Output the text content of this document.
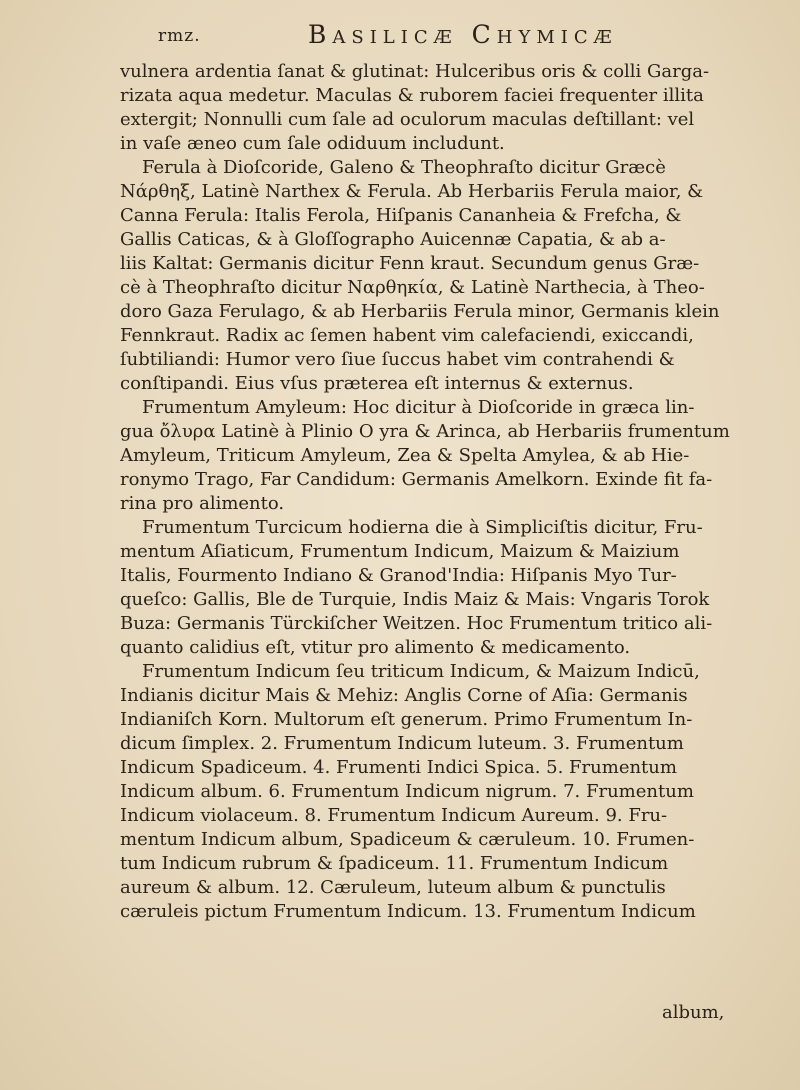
rmz.	Basilicæ Chymicæ

vulnera ardentia ſanat & glutinat: Hulceribus oris & colli Garga-

rizata aqua medetur. Maculas & ruborem faciei frequenter illita

extergit; Nonnulli cum ſale ad oculorum maculas deſtillant: vel

in vaſe æneo cum ſale odiduum includunt.

Ferula à Dioſcoride, Galeno & Theophraſto dicitur Græcè

Νάρθηξ, Latinè Narthex & Ferula. Ab Herbariis Ferula maior, &

Canna Ferula: Italis Ferola, Hiſpanis Cananheia & Frefcha, &

Gallis Caticas, & à Gloſſographo Auicennæ Capatia, & ab a-

liis Kaltat: Germanis dicitur Fenn kraut. Secundum genus Græ-

cè à Theophraſto dicitur Ναρθηκία, & Latinè Narthecia, à Theo-

doro Gaza Ferulago, & ab Herbariis Ferula minor, Germanis klein

Fennkraut. Radix ac ſemen habent vim calefaciendi, exiccandi,

ſubtiliandi: Humor vero ſiue ſuccus habet vim contrahendi &

conſtipandi. Eius vſus præterea eſt internus & externus.

Frumentum Amyleum: Hoc dicitur à Dioſcoride in græca lin-

gua ὄλυρα Latinè à Plinio O yra & Arinca, ab Herbariis frumentum

Amyleum, Triticum Amyleum, Zea & Spelta Amylea, & ab Hie-

ronymo Trago, Far Candidum: Germanis Amelkorn. Exinde fit fa-

rina pro alimento.

Frumentum Turcicum hodierna die à Simpliciſtis dicitur, Fru-

mentum Aſiaticum, Frumentum Indicum, Maizum & Maizium

Italis, Fourmento Indiano & Granod'India: Hiſpanis Myo Tur-

queſco: Gallis, Ble de Turquie, Indis Maiz & Mais: Vngaris Torok

Buza: Germanis Türckiſcher Weitzen. Hoc Frumentum tritico ali-

quanto calidius eſt, vtitur pro alimento & medicamento.

Frumentum Indicum ſeu triticum Indicum, & Maizum Indicū,

Indianis dicitur Mais & Mehiz: Anglis Corne of Aſia: Germanis

Indianiſch Korn. Multorum eſt generum. Primo Frumentum In-

dicum ſimplex. 2. Frumentum Indicum luteum. 3. Frumentum

Indicum Spadiceum. 4. Frumenti Indici Spica. 5. Frumentum

Indicum album. 6. Frumentum Indicum nigrum. 7. Frumentum

Indicum violaceum. 8. Frumentum Indicum Aureum. 9. Fru-

mentum Indicum album, Spadiceum & cæruleum. 10. Frumen-

tum Indicum rubrum & ſpadiceum. 11. Frumentum Indicum

aureum & album. 12. Cæruleum, luteum album & punctulis

cæruleis pictum Frumentum Indicum. 13. Frumentum Indicum

album,
